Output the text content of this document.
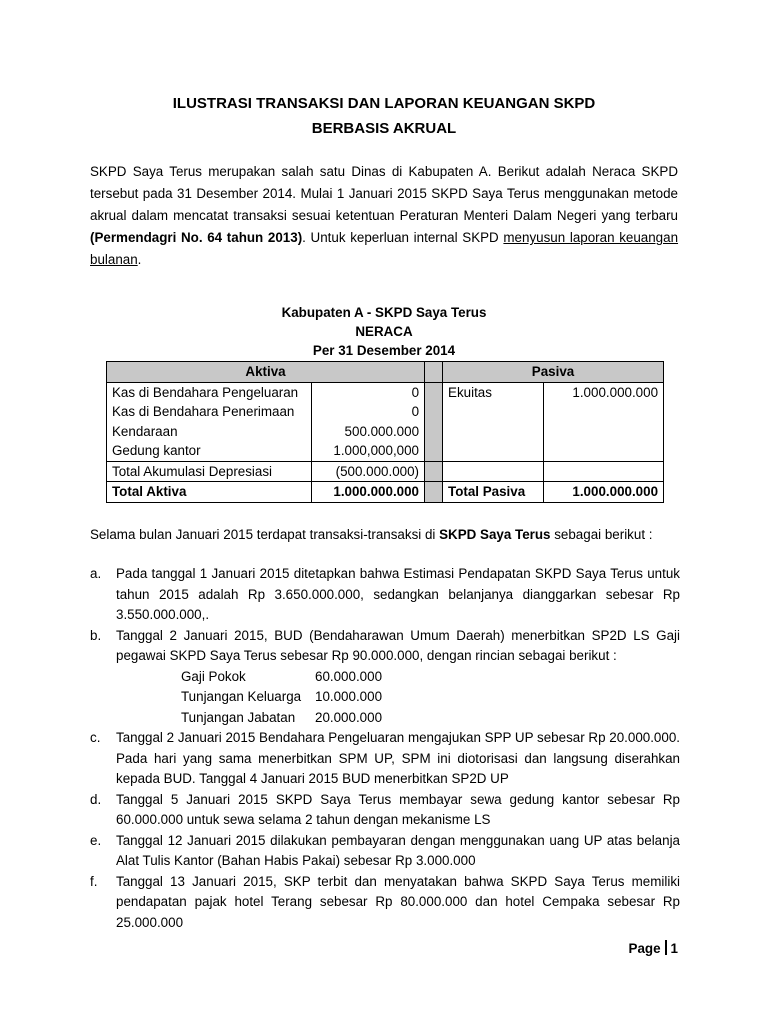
ILUSTRASI TRANSAKSI DAN LAPORAN KEUANGAN SKPD
BERBASIS AKRUAL
SKPD Saya Terus merupakan salah satu Dinas di Kabupaten A. Berikut adalah Neraca SKPD tersebut pada 31 Desember 2014. Mulai 1 Januari 2015 SKPD Saya Terus menggunakan metode akrual dalam mencatat transaksi sesuai ketentuan Peraturan Menteri Dalam Negeri yang terbaru (Permendagri No. 64 tahun 2013). Untuk keperluan internal SKPD menyusun laporan keuangan bulanan.
Kabupaten A - SKPD Saya Terus
NERACA
Per 31 Desember 2014
Aktiva			Pasiva	
Kas di Bendahara Pengeluaran	0		Ekuitas	1.000.000.000
Kas di Bendahara Penerimaan	0			
Kendaraan	500.000.000			
Gedung kantor	1.000,000,000			
Total Akumulasi Depresiasi	(500.000.000)			
Total Aktiva	1.000.000.000		Total Pasiva	1.000.000.000
Selama bulan Januari 2015 terdapat transaksi-transaksi di SKPD Saya Terus sebagai berikut :
a. Pada tanggal 1 Januari 2015 ditetapkan bahwa Estimasi Pendapatan SKPD Saya Terus untuk tahun 2015 adalah Rp 3.650.000.000, sedangkan belanjanya dianggarkan sebesar Rp 3.550.000.000,.
b. Tanggal 2 Januari 2015, BUD (Bendaharawan Umum Daerah) menerbitkan SP2D LS Gaji pegawai SKPD Saya Terus sebesar Rp 90.000.000, dengan rincian sebagai berikut :
Gaji Pokok	60.000.000
Tunjangan Keluarga 10.000.000
Tunjangan Jabatan 20.000.000
c. Tanggal 2 Januari 2015 Bendahara Pengeluaran mengajukan SPP UP sebesar Rp 20.000.000. Pada hari yang sama menerbitkan SPM UP, SPM ini diotorisasi dan langsung diserahkan kepada BUD. Tanggal 4 Januari 2015 BUD menerbitkan SP2D UP
d. Tanggal 5 Januari 2015 SKPD Saya Terus membayar sewa gedung kantor sebesar Rp 60.000.000 untuk sewa selama 2 tahun dengan mekanisme LS
e. Tanggal 12 Januari 2015 dilakukan pembayaran dengan menggunakan uang UP atas belanja Alat Tulis Kantor (Bahan Habis Pakai) sebesar Rp 3.000.000
f. Tanggal 13 Januari 2015, SKP terbit dan menyatakan bahwa SKPD Saya Terus memiliki pendapatan pajak hotel Terang sebesar Rp 80.000.000 dan hotel Cempaka sebesar Rp 25.000.000
Page 1
